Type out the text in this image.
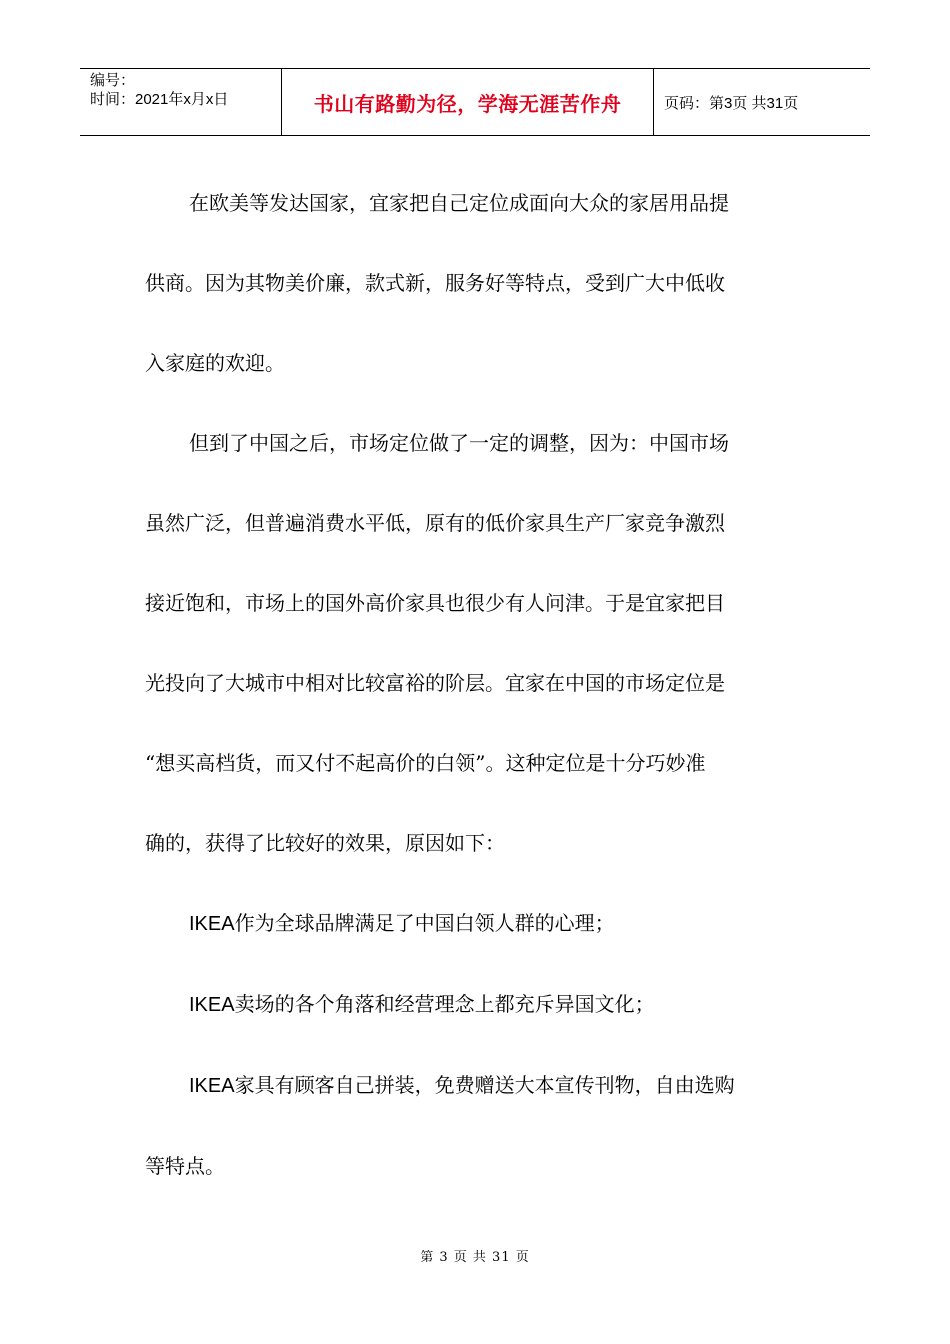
编号：
时间：2021年x月x日	书山有路勤为径，学海无涯苦作舟	页码：第3页 共31页

在欧美等发达国家，宜家把自己定位成面向大众的家居用品提

供商。因为其物美价廉，款式新，服务好等特点，受到广大中低收

入家庭的欢迎。

但到了中国之后，市场定位做了一定的调整，因为：中国市场

虽然广泛，但普遍消费水平低，原有的低价家具生产厂家竞争激烈

接近饱和，市场上的国外高价家具也很少有人问津。于是宜家把目

光投向了大城市中相对比较富裕的阶层。宜家在中国的市场定位是

“想买高档货，而又付不起高价的白领”。这种定位是十分巧妙准

确的，获得了比较好的效果，原因如下：

IKEA作为全球品牌满足了中国白领人群的心理；

IKEA卖场的各个角落和经营理念上都充斥异国文化；

IKEA家具有顾客自己拼装，免费赠送大本宣传刊物，自由选购

等特点。

第 3 页 共 31 页
